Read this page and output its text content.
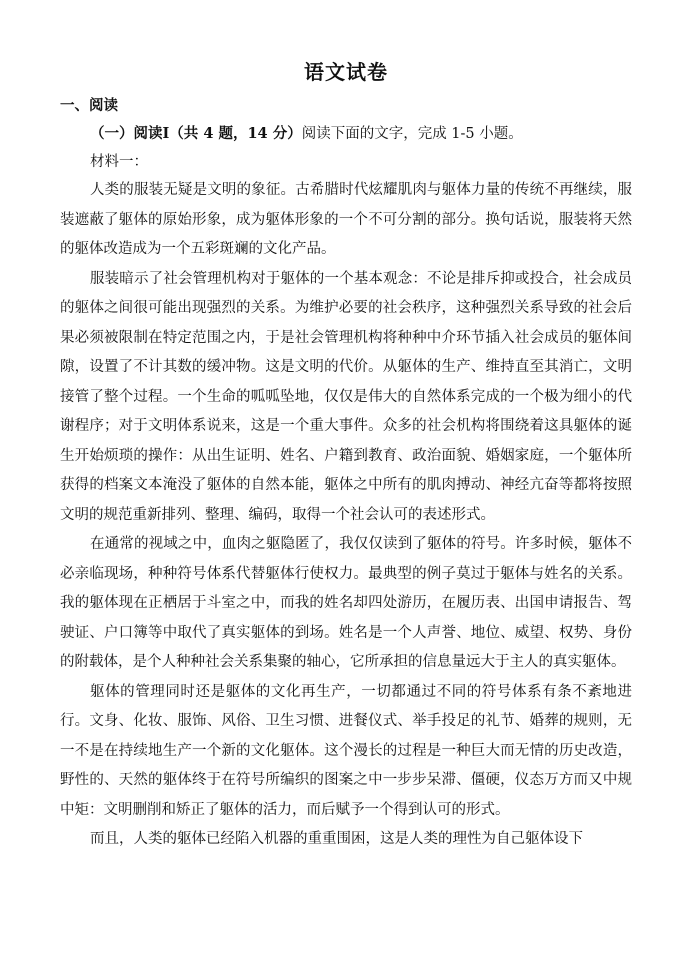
语文试卷

一、阅读

（一）阅读Ⅰ（共 4 题，14 分）阅读下面的文字，完成 1-5 小题。

材料一：

人类的服装无疑是文明的象征。古希腊时代炫耀肌肉与躯体力量的传统不再继续，服装遮蔽了躯体的原始形象，成为躯体形象的一个不可分割的部分。换句话说，服装将天然的躯体改造成为一个五彩斑斓的文化产品。

服装暗示了社会管理机构对于躯体的一个基本观念：不论是排斥抑或投合，社会成员的躯体之间很可能出现强烈的关系。为维护必要的社会秩序，这种强烈关系导致的社会后果必须被限制在特定范围之内，于是社会管理机构将种种中介环节插入社会成员的躯体间隙，设置了不计其数的缓冲物。这是文明的代价。从躯体的生产、维持直至其消亡，文明接管了整个过程。一个生命的呱呱坠地，仅仅是伟大的自然体系完成的一个极为细小的代谢程序；对于文明体系说来，这是一个重大事件。众多的社会机构将围绕着这具躯体的诞生开始烦琐的操作：从出生证明、姓名、户籍到教育、政治面貌、婚姻家庭，一个躯体所获得的档案文本淹没了躯体的自然本能，躯体之中所有的肌肉搏动、神经亢奋等都将按照文明的规范重新排列、整理、编码，取得一个社会认可的表述形式。

在通常的视域之中，血肉之躯隐匿了，我仅仅读到了躯体的符号。许多时候，躯体不必亲临现场，种种符号体系代替躯体行使权力。最典型的例子莫过于躯体与姓名的关系。我的躯体现在正栖居于斗室之中，而我的姓名却四处游历，在履历表、出国申请报告、驾驶证、户口簿等中取代了真实躯体的到场。姓名是一个人声誉、地位、威望、权势、身份的附载体，是个人种种社会关系集聚的轴心，它所承担的信息量远大于主人的真实躯体。

躯体的管理同时还是躯体的文化再生产，一切都通过不同的符号体系有条不紊地进行。文身、化妆、服饰、风俗、卫生习惯、进餐仪式、举手投足的礼节、婚葬的规则，无一不是在持续地生产一个新的文化躯体。这个漫长的过程是一种巨大而无情的历史改造，野性的、天然的躯体终于在符号所编织的图案之中一步步呆滞、僵硬，仪态万方而又中规中矩：文明删削和矫正了躯体的活力，而后赋予一个得到认可的形式。

而且，人类的躯体已经陷入机器的重重围困，这是人类的理性为自己躯体设下
